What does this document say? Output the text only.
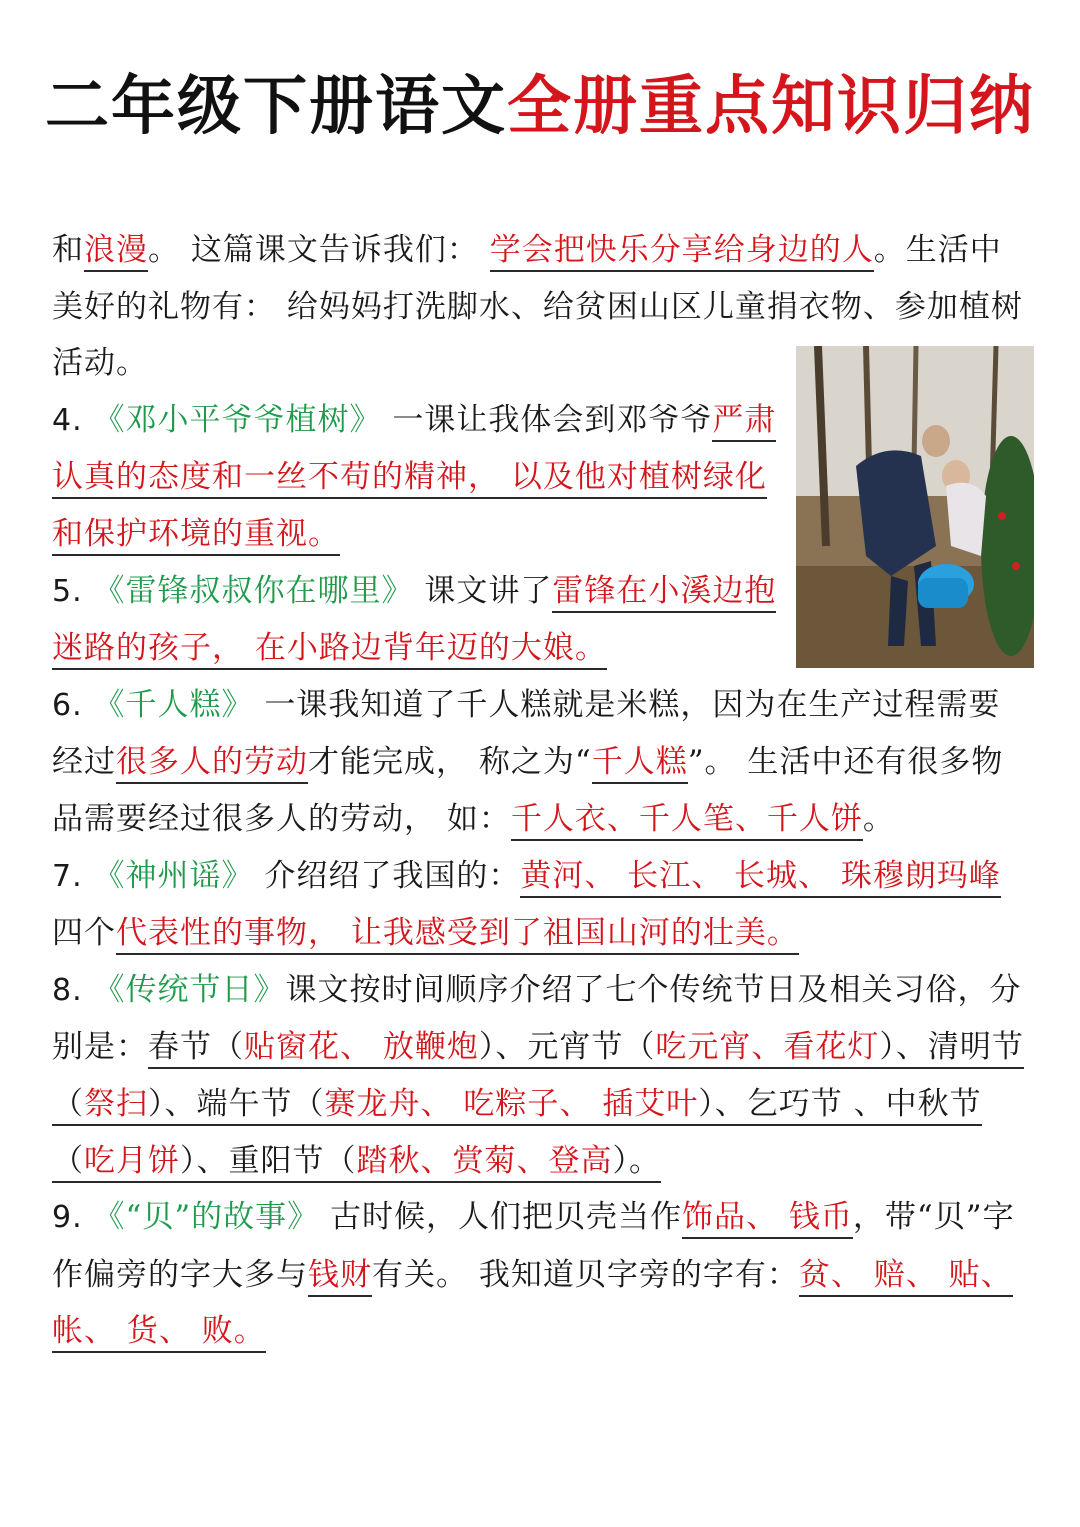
二年级下册语文全册重点知识归纳

和浪漫。 这篇课文告诉我们： 学会把快乐分享给身边的人。生活中美好的礼物有： 给妈妈打洗脚水、给贫困山区儿童捐衣物、参加植树活动。

4. 《邓小平爷爷植树》 一课让我体会到邓爷爷严肃认真的态度和一丝不苟的精神， 以及他对植树绿化和保护环境的重视。

5. 《雷锋叔叔你在哪里》 课文讲了雷锋在小溪边抱迷路的孩子， 在小路边背年迈的大娘。

6. 《千人糕》 一课我知道了千人糕就是米糕，因为在生产过程需要经过很多人的劳动才能完成， 称之为“千人糕”。 生活中还有很多物品需要经过很多人的劳动， 如：千人衣、千人笔、千人饼。

7. 《神州谣》 介绍绍了我国的：黄河、 长江、 长城、 珠穆朗玛峰四个代表性的事物， 让我感受到了祖国山河的壮美。

8. 《传统节日》课文按时间顺序介绍了七个传统节日及相关习俗，分别是：春节（贴窗花、 放鞭炮）、元宵节（吃元宵、看花灯）、清明节（祭扫）、端午节（赛龙舟、 吃粽子、 插艾叶）、乞巧节 、中秋节（吃月饼）、重阳节（踏秋、赏菊、登高）。

9. 《“贝”的故事》 古时候，人们把贝壳当作饰品、 钱币，带“贝”字作偏旁的字大多与钱财有关。 我知道贝字旁的字有：贫、 赔、 贴、帐、 货、 败。
